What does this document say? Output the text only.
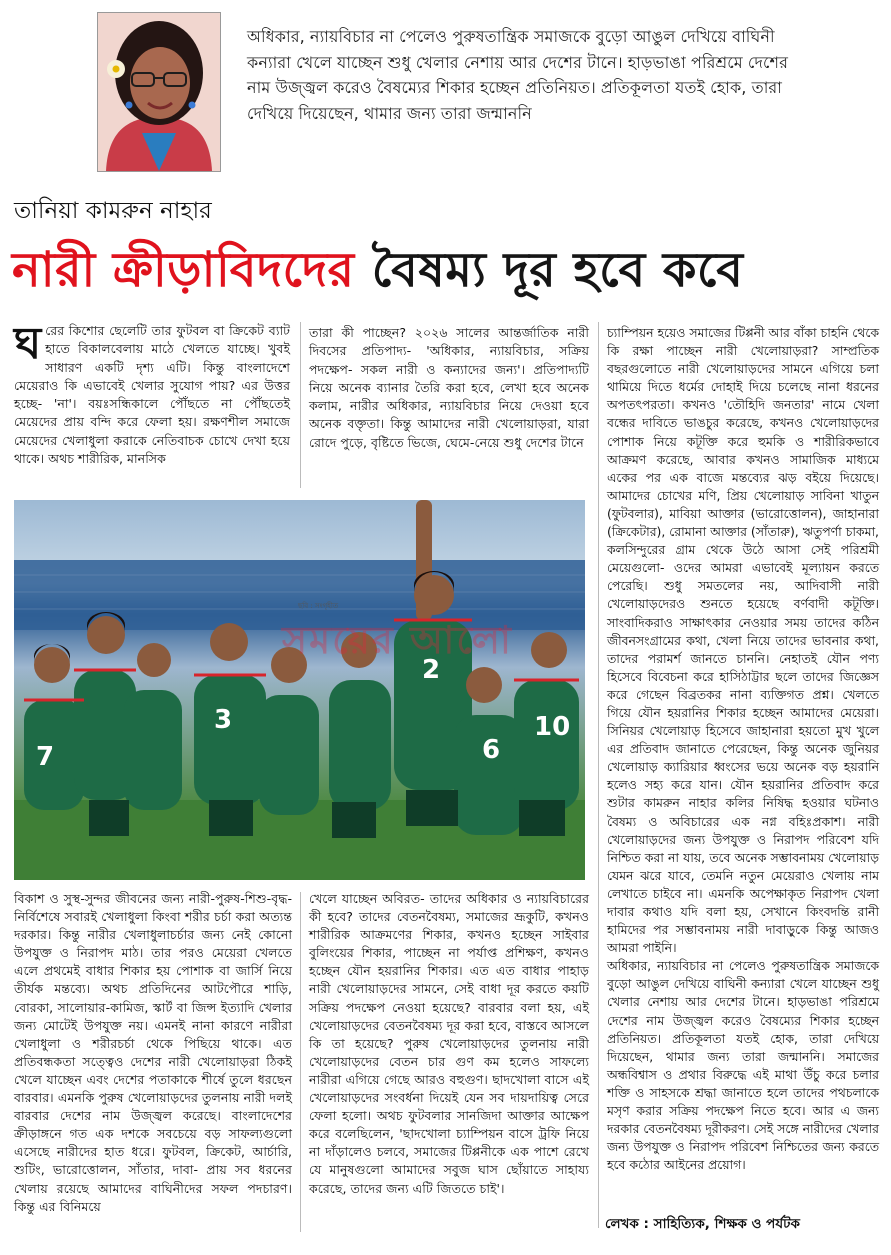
অধিকার, ন্যায়বিচার না পেলেও পুরুষতান্ত্রিক সমাজকে বুড়ো আঙুল দেখিয়ে বাঘিনী কন্যারা খেলে যাচ্ছেন শুধু খেলার নেশায় আর দেশের টানে। হাড়ভাঙা পরিশ্রমে দেশের নাম উজ্জ্বল করেও বৈষম্যের শিকার হচ্ছেন প্রতিনিয়ত। প্রতিকূলতা যতই হোক, তারা দেখিয়ে দিয়েছেন, থামার জন্য তারা জন্মাননি

তানিয়া কামরুন নাহার
নারী ক্রীড়াবিদদের বৈষম্য দূর হবে কবে

ঘরের কিশোর ছেলেটি তার ফুটবল বা ক্রিকেট ব্যাট হাতে বিকালবেলায় মাঠে খেলতে যাচ্ছে। খুবই সাধারণ একটি দৃশ্য এটি। কিন্তু বাংলাদেশে মেয়েরাও কি এভাবেই খেলার সুযোগ পায়? এর উত্তর হচ্ছে- 'না'। বয়ঃসন্ধিকালে পৌঁছতে না পৌঁছতেই মেয়েদের প্রায় বন্দি করে ফেলা হয়। রক্ষণশীল সমাজে মেয়েদের খেলাধুলা করাকে নেতিবাচক চোখে দেখা হয়ে থাকে। অথচ শারীরিক, মানসিক

তারা কী পাচ্ছেন? ২০২৬ সালের আন্তর্জাতিক নারী দিবসের প্রতিপাদ্য- 'অধিকার, ন্যায়বিচার, সক্রিয় পদক্ষেপ- সকল নারী ও কন্যাদের জন্য'। প্রতিপাদ্যটি নিয়ে অনেক ব্যানার তৈরি করা হবে, লেখা হবে অনেক কলাম, নারীর অধিকার, ন্যায়বিচার নিয়ে দেওয়া হবে অনেক বক্তৃতা। কিন্তু আমাদের নারী খেলোয়াড়রা, যারা রোদে পুড়ে, বৃষ্টিতে ভিজে, ঘেমে-নেয়ে শুধু দেশের টানে

চ্যাম্পিয়ন হয়েও সমাজের টিপ্পনী আর বাঁকা চাহনি থেকে কি রক্ষা পাচ্ছেন নারী খেলোয়াড়রা? সাম্প্রতিক বছরগুলোতে নারী খেলোয়াড়দের সামনে এগিয়ে চলা থামিয়ে দিতে ধর্মের দোহাই দিয়ে চলেছে নানা ধরনের অপতৎপরতা। কখনও 'তৌহিদি জনতার' নামে খেলা বন্ধের দাবিতে ভাঙচুর করেছে, কখনও খেলোয়াড়দের পোশাক নিয়ে কটূক্তি করে হুমকি ও শারীরিকভাবে আক্রমণ করেছে, আবার কখনও সামাজিক মাধ্যমে একের পর এক বাজে মন্তব্যের ঝড় বইয়ে দিয়েছে। আমাদের চোখের মণি, প্রিয় খেলোয়াড় সাবিনা খাতুন (ফুটবলার), মাবিয়া আক্তার (ভারোত্তোলন), জাহানারা (ক্রিকেটার), রোমানা আক্তার (সাঁতারু), ঋতুপর্ণা চাকমা, কলসিন্দুরের গ্রাম থেকে উঠে আসা সেই পরিশ্রমী মেয়েগুলো- ওদের আমরা এভাবেই মূল্যায়ন করতে পেরেছি। শুধু সমতলের নয়, আদিবাসী নারী খেলোয়াড়দেরও শুনতে হয়েছে বর্ণবাদী কটূক্তি। সাংবাদিকরাও সাক্ষাৎকার নেওয়ার সময় তাদের কঠিন জীবনসংগ্রামের কথা, খেলা নিয়ে তাদের ভাবনার কথা, তাদের পরামর্শ জানতে চাননি। নেহাতই যৌন পণ্য হিসেবে বিবেচনা করে হাসিঠাট্টার ছলে তাদের জিজ্ঞেস করে গেছেন বিব্রতকর নানা ব্যক্তিগত প্রশ্ন। খেলতে গিয়ে যৌন হয়রানির শিকার হচ্ছেন আমাদের মেয়েরা। সিনিয়র খেলোয়াড় হিসেবে জাহানারা হয়তো মুখ খুলে এর প্রতিবাদ জানাতে পেরেছেন, কিন্তু অনেক জুনিয়র খেলোয়াড় ক্যারিয়ার ধ্বংসের ভয়ে অনেক বড় হয়রানি হলেও সহ্য করে যান। যৌন হয়রানির প্রতিবাদ করে শুটার কামরুন নাহার কলির নিষিদ্ধ হওয়ার ঘটনাও বৈষম্য ও অবিচারের এক নগ্ন বহিঃপ্রকাশ। নারী খেলোয়াড়দের জন্য উপযুক্ত ও নিরাপদ পরিবেশ যদি নিশ্চিত করা না যায়, তবে অনেক সম্ভাবনাময় খেলোয়াড় যেমন ঝরে যাবে, তেমনি নতুন মেয়েরাও খেলায় নাম লেখাতে চাইবে না। এমনকি অপেক্ষাকৃত নিরাপদ খেলা দাবার কথাও যদি বলা হয়, সেখানে কিংবদন্তি রানী হামিদের পর সম্ভাবনাময় নারী দাবাড়ুকে কিন্তু আজও আমরা পাইনি।

অধিকার, ন্যায়বিচার না পেলেও পুরুষতান্ত্রিক সমাজকে বুড়ো আঙুল দেখিয়ে বাঘিনী কন্যারা খেলে যাচ্ছেন শুধু খেলার নেশায় আর দেশের টানে। হাড়ভাঙা পরিশ্রমে দেশের নাম উজ্জ্বল করেও বৈষম্যের শিকার হচ্ছেন প্রতিনিয়ত। প্রতিকূলতা যতই হোক, তারা দেখিয়ে দিয়েছেন, থামার জন্য তারা জন্মাননি। সমাজের অন্ধবিশ্বাস ও প্রথার বিরুদ্ধে এই মাথা উঁচু করে চলার শক্তি ও সাহসকে শ্রদ্ধা জানাতে হলে তাদের পথচলাকে মসৃণ করার সক্রিয় পদক্ষেপ নিতে হবে। আর এ জন্য দরকার বেতনবৈষম্য দূরীকরণ। সেই সঙ্গে নারীদের খেলার জন্য উপযুক্ত ও নিরাপদ পরিবেশ নিশ্চিতের জন্য করতে হবে কঠোর আইনের প্রয়োগ।

7
3
2
10
6
ছবি : সংগৃহীত
সময়ের আলো

বিকাশ ও সুস্থ-সুন্দর জীবনের জন্য নারী-পুরুষ-শিশু-বৃদ্ধ-নির্বিশেষে সবারই খেলাধুলা কিংবা শরীর চর্চা করা অত্যন্ত দরকার। কিন্তু নারীর খেলাধুলাচর্চার জন্য নেই কোনো উপযুক্ত ও নিরাপদ মাঠ। তার পরও মেয়েরা খেলতে এলে প্রথমেই বাধার শিকার হয় পোশাক বা জার্সি নিয়ে তীর্যক মন্তব্যে। অথচ প্রতিদিনের আটপৌরে শাড়ি, বোরকা, সালোয়ার-কামিজ, স্কার্ট বা জিন্স ইত্যাদি খেলার জন্য মোটেই উপযুক্ত নয়। এমনই নানা কারণে নারীরা খেলাধুলা ও শরীরচর্চা থেকে পিছিয়ে থাকে। এত প্রতিবন্ধকতা সত্ত্বেও দেশের নারী খেলোয়াড়রা ঠিকই খেলে যাচ্ছেন এবং দেশের পতাকাকে শীর্ষে তুলে ধরছেন বারবার। এমনকি পুরুষ খেলোয়াড়দের তুলনায় নারী দলই বারবার দেশের নাম উজ্জ্বল করেছে। বাংলাদেশের ক্রীড়াঙ্গনে গত এক দশকে সবচেয়ে বড় সাফল্যগুলো এসেছে নারীদের হাত ধরে। ফুটবল, ক্রিকেট, আর্চারি, শুটিং, ভারোত্তোলন, সাঁতার, দাবা- প্রায় সব ধরনের খেলায় রয়েছে আমাদের বাঘিনীদের সফল পদচারণ। কিন্তু এর বিনিময়ে

খেলে যাচ্ছেন অবিরত- তাদের অধিকার ও ন্যায়বিচারের কী হবে? তাদের বেতনবৈষম্য, সমাজের ভ্রূকুটি, কখনও শারীরিক আক্রমণের শিকার, কখনও হচ্ছেন সাইবার বুলিংয়ের শিকার, পাচ্ছেন না পর্যাপ্ত প্রশিক্ষণ, কখনও হচ্ছেন যৌন হয়রানির শিকার। এত এত বাধার পাহাড় নারী খেলোয়াড়দের সামনে, সেই বাধা দূর করতে কয়টি সক্রিয় পদক্ষেপ নেওয়া হয়েছে? বারবার বলা হয়, এই খেলোয়াড়দের বেতনবৈষম্য দূর করা হবে, বাস্তবে আসলে কি তা হয়েছে? পুরুষ খেলোয়াড়দের তুলনায় নারী খেলোয়াড়দের বেতন চার গুণ কম হলেও সাফল্যে নারীরা এগিয়ে গেছে আরও বহুগুণ। ছাদখোলা বাসে এই খেলোয়াড়দের সংবর্ধনা দিয়েই যেন সব দায়দায়িত্ব সেরে ফেলা হলো। অথচ ফুটবলার সানজিদা আক্তার আক্ষেপ করে বলেছিলেন, 'ছাদখোলা চ্যাম্পিয়ন বাসে ট্রফি নিয়ে না দাঁড়ালেও চলবে, সমাজের টিপ্পনীকে এক পাশে রেখে যে মানুষগুলো আমাদের সবুজ ঘাস ছোঁয়াতে সাহায্য করেছে, তাদের জন্য এটি জিততে চাই'।

লেখক : সাহিত্যিক, শিক্ষক ও পর্যটক
